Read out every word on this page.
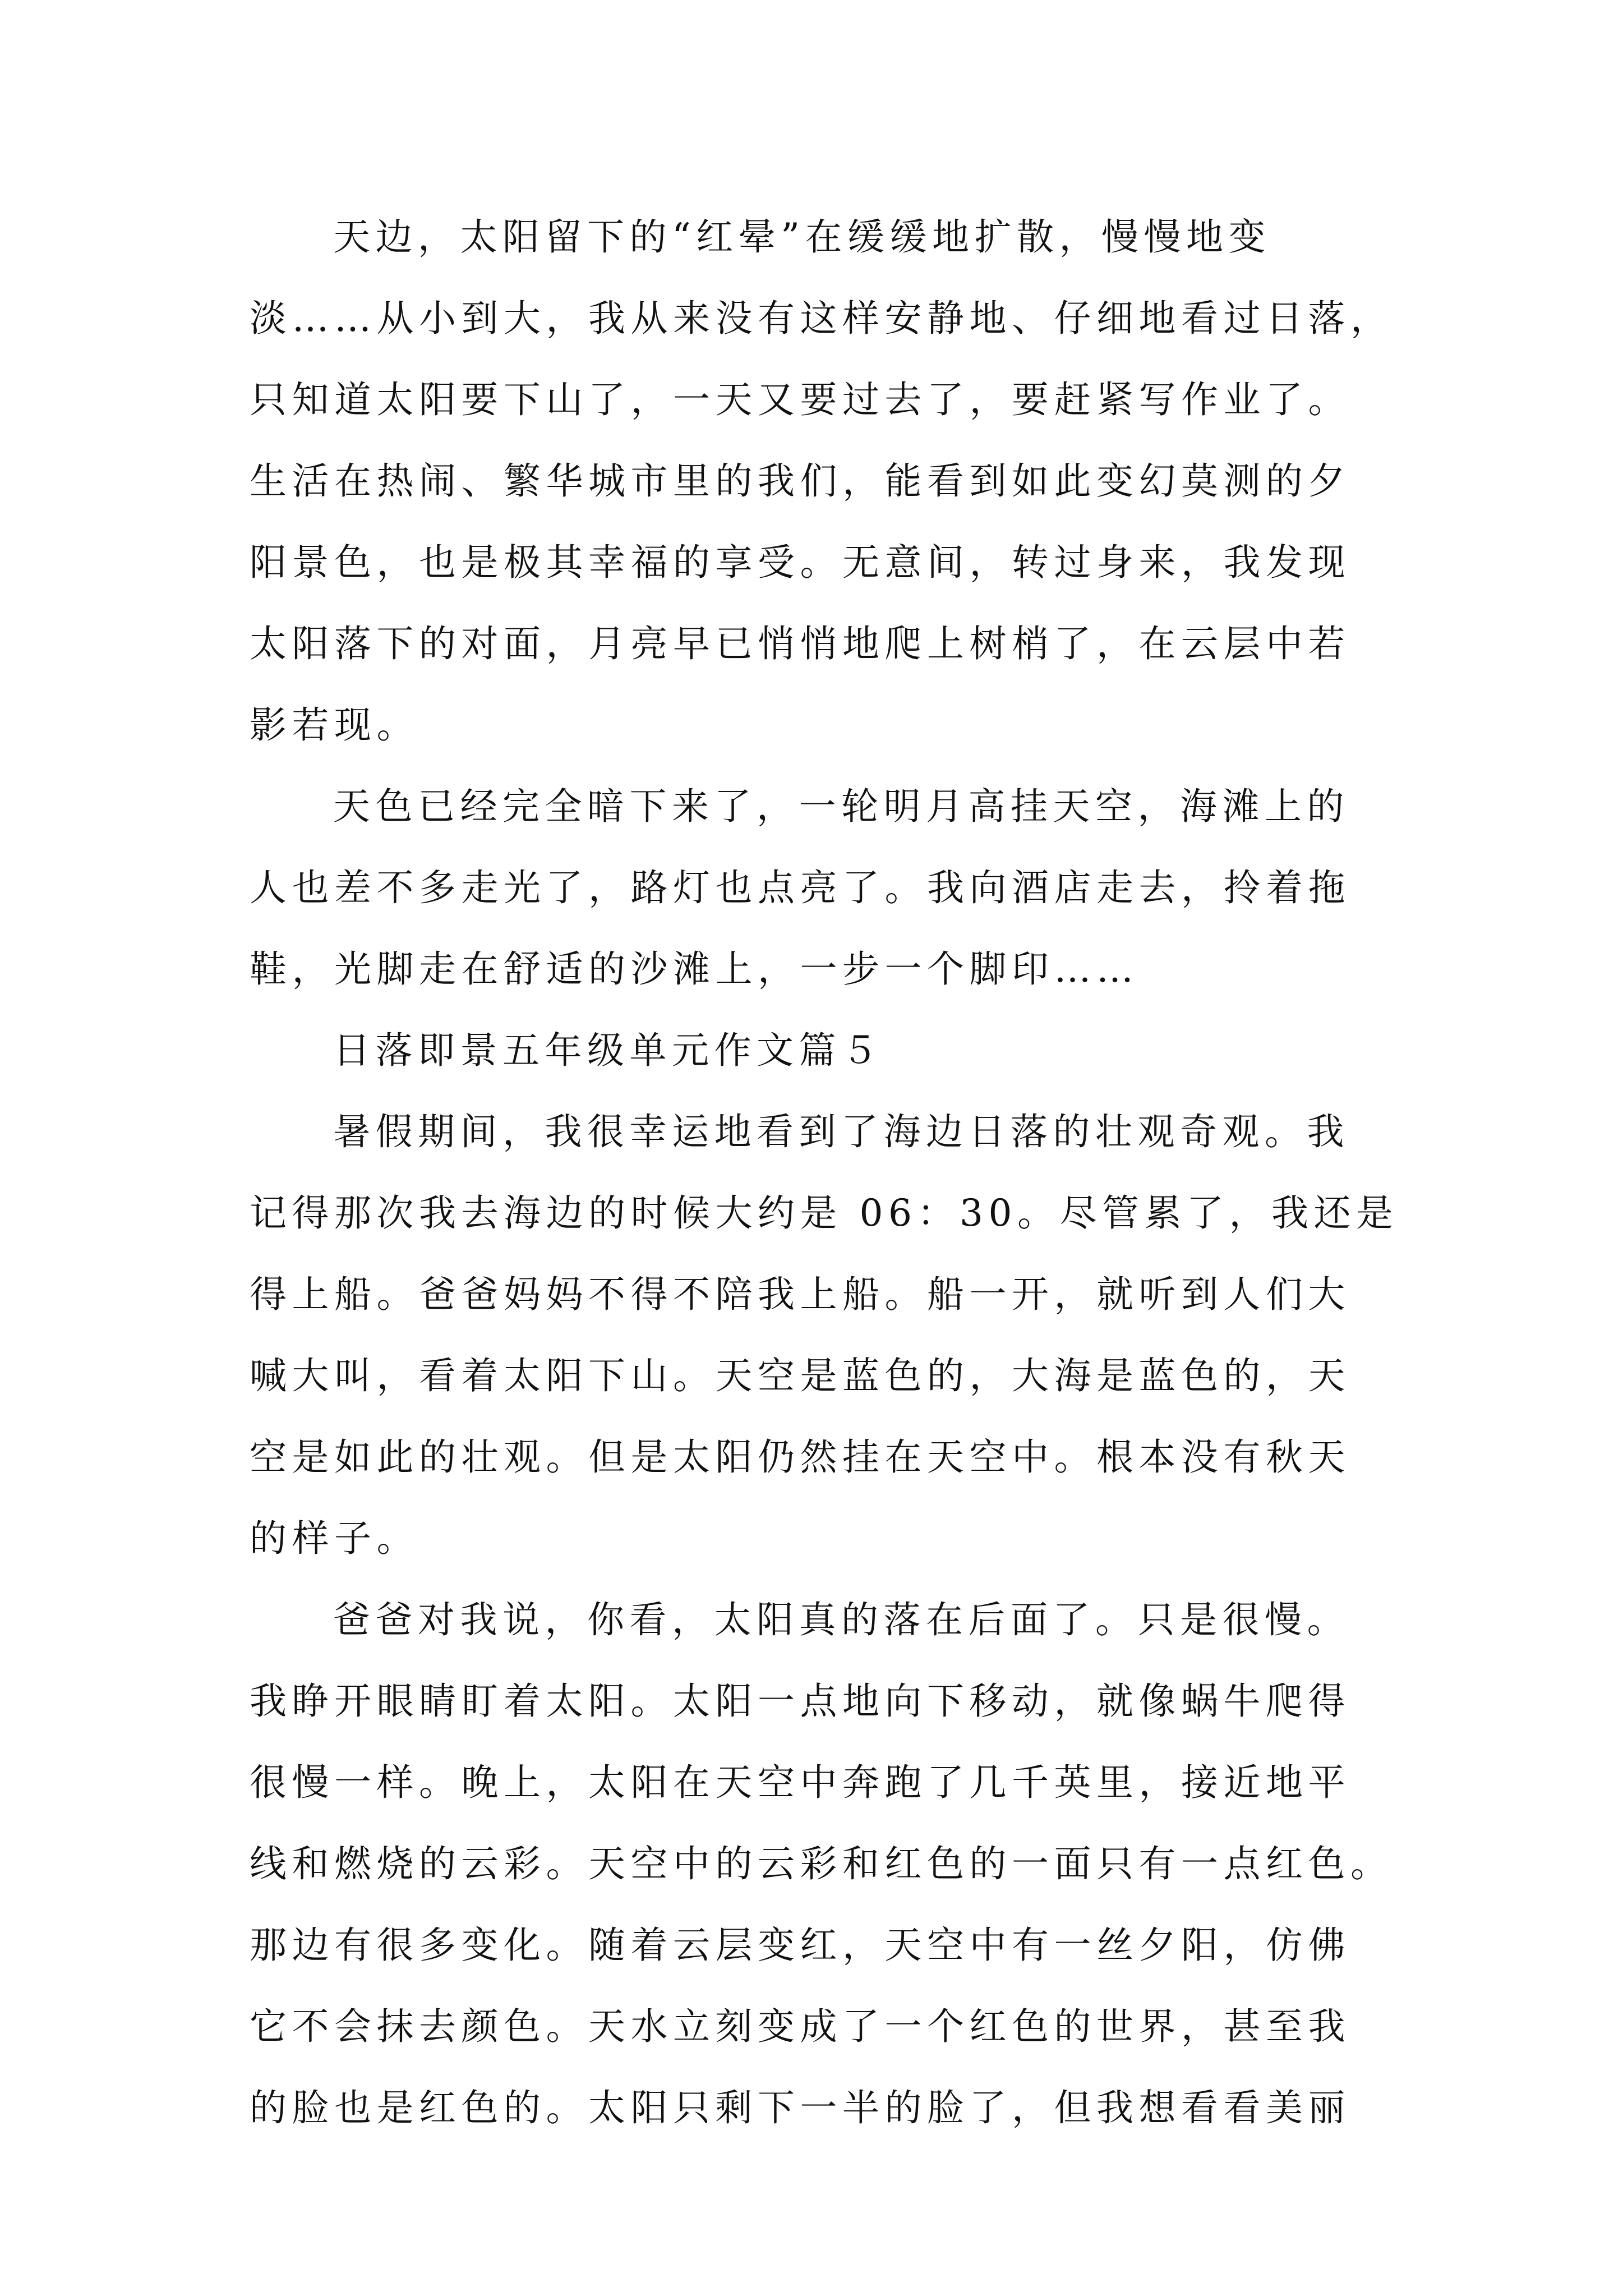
天边，太阳留下的“红晕”在缓缓地扩散，慢慢地变

淡……从小到大，我从来没有这样安静地、仔细地看过日落，

只知道太阳要下山了，一天又要过去了，要赶紧写作业了。

生活在热闹、繁华城市里的我们，能看到如此变幻莫测的夕

阳景色，也是极其幸福的享受。无意间，转过身来，我发现

太阳落下的对面，月亮早已悄悄地爬上树梢了，在云层中若

影若现。

天色已经完全暗下来了，一轮明月高挂天空，海滩上的

人也差不多走光了，路灯也点亮了。我向酒店走去，拎着拖

鞋，光脚走在舒适的沙滩上，一步一个脚印……

日落即景五年级单元作文篇５

暑假期间，我很幸运地看到了海边日落的壮观奇观。我

记得那次我去海边的时候大约是 06：30。尽管累了，我还是

得上船。爸爸妈妈不得不陪我上船。船一开，就听到人们大

喊大叫，看着太阳下山。天空是蓝色的，大海是蓝色的，天

空是如此的壮观。但是太阳仍然挂在天空中。根本没有秋天

的样子。

爸爸对我说，你看，太阳真的落在后面了。只是很慢。

我睁开眼睛盯着太阳。太阳一点地向下移动，就像蜗牛爬得

很慢一样。晚上，太阳在天空中奔跑了几千英里，接近地平

线和燃烧的云彩。天空中的云彩和红色的一面只有一点红色。

那边有很多变化。随着云层变红，天空中有一丝夕阳，仿佛

它不会抹去颜色。天水立刻变成了一个红色的世界，甚至我

的脸也是红色的。太阳只剩下一半的脸了，但我想看看美丽
